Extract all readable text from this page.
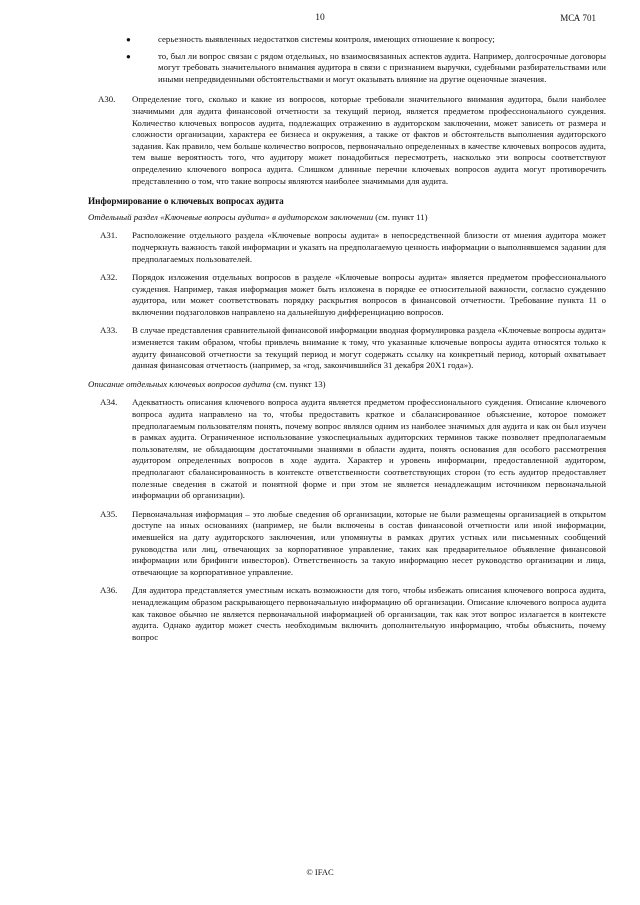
10	МСА 701
●	серьезность выявленных недостатков системы контроля, имеющих отношение к вопросу;
●	то, был ли вопрос связан с рядом отдельных, но взаимосвязанных аспектов аудита. Например, долгосрочные договоры могут требовать значительного внимания аудитора в связи с признанием выручки, судебными разбирательствами или иными непредвиденными обстоятельствами и могут оказывать влияние на другие оценочные значения.
A30.	Определение того, сколько и какие из вопросов, которые требовали значительного внимания аудитора, были наиболее значимыми для аудита финансовой отчетности за текущий период, является предметом профессионального суждения. Количество ключевых вопросов аудита, подлежащих отражению в аудиторском заключении, может зависеть от размера и сложности организации, характера ее бизнеса и окружения, а также от фактов и обстоятельств выполнения аудиторского задания. Как правило, чем больше количество вопросов, первоначально определенных в качестве ключевых вопросов аудита, тем выше вероятность того, что аудитору может понадобиться пересмотреть, насколько эти вопросы соответствуют определению ключевого вопроса аудита. Слишком длинные перечни ключевых вопросов аудита могут противоречить представлению о том, что такие вопросы являются наиболее значимыми для аудита.
Информирование о ключевых вопросах аудита
Отдельный раздел «Ключевые вопросы аудита» в аудиторском заключении (см. пункт 11)
A31.	Расположение отдельного раздела «Ключевые вопросы аудита» в непосредственной близости от мнения аудитора может подчеркнуть важность такой информации и указать на предполагаемую ценность информации о выполнявшемся задании для предполагаемых пользователей.
A32.	Порядок изложения отдельных вопросов в разделе «Ключевые вопросы аудита» является предметом профессионального суждения. Например, такая информация может быть изложена в порядке ее относительной важности, согласно суждению аудитора, или может соответствовать порядку раскрытия вопросов в финансовой отчетности. Требование пункта 11 о включении подзаголовков направлено на дальнейшую дифференциацию вопросов.
A33.	В случае представления сравнительной финансовой информации вводная формулировка раздела «Ключевые вопросы аудита» изменяется таким образом, чтобы привлечь внимание к тому, что указанные ключевые вопросы аудита относятся только к аудиту финансовой отчетности за текущий период и могут содержать ссылку на конкретный период, который охватывает данная финансовая отчетность (например, за «год, закончившийся 31 декабря 20X1 года»).
Описание отдельных ключевых вопросов аудита (см. пункт 13)
A34.	Адекватность описания ключевого вопроса аудита является предметом профессионального суждения. Описание ключевого вопроса аудита направлено на то, чтобы предоставить краткое и сбалансированное объяснение, которое поможет предполагаемым пользователям понять, почему вопрос являлся одним из наиболее значимых для аудита и как он был изучен в рамках аудита. Ограниченное использование узкоспециальных аудиторских терминов также позволяет предполагаемым пользователям, не обладающим достаточными знаниями в области аудита, понять основания для особого рассмотрения аудитором определенных вопросов в ходе аудита. Характер и уровень информации, предоставленной аудитором, предполагают сбалансированность в контексте ответственности соответствующих сторон (то есть аудитор предоставляет полезные сведения в сжатой и понятной форме и при этом не является ненадлежащим источником первоначальной информации об организации).
A35.	Первоначальная информация – это любые сведения об организации, которые не были размещены организацией в открытом доступе на иных основаниях (например, не были включены в состав финансовой отчетности или иной информации, имевшейся на дату аудиторского заключения, или упомянуты в рамках других устных или письменных сообщений руководства или лиц, отвечающих за корпоративное управление, таких как предварительное объявление финансовой информации или брифинги инвесторов). Ответственность за такую информацию несет руководство организации и лица, отвечающие за корпоративное управление.
A36.	Для аудитора представляется уместным искать возможности для того, чтобы избежать описания ключевого вопроса аудита, ненадлежащим образом раскрывающего первоначальную информацию об организации. Описание ключевого вопроса аудита как таковое обычно не является первоначальной информацией об организации, так как этот вопрос излагается в контексте аудита. Однако аудитор может счесть необходимым включить дополнительную информацию, чтобы объяснить, почему вопрос
© IFAC
